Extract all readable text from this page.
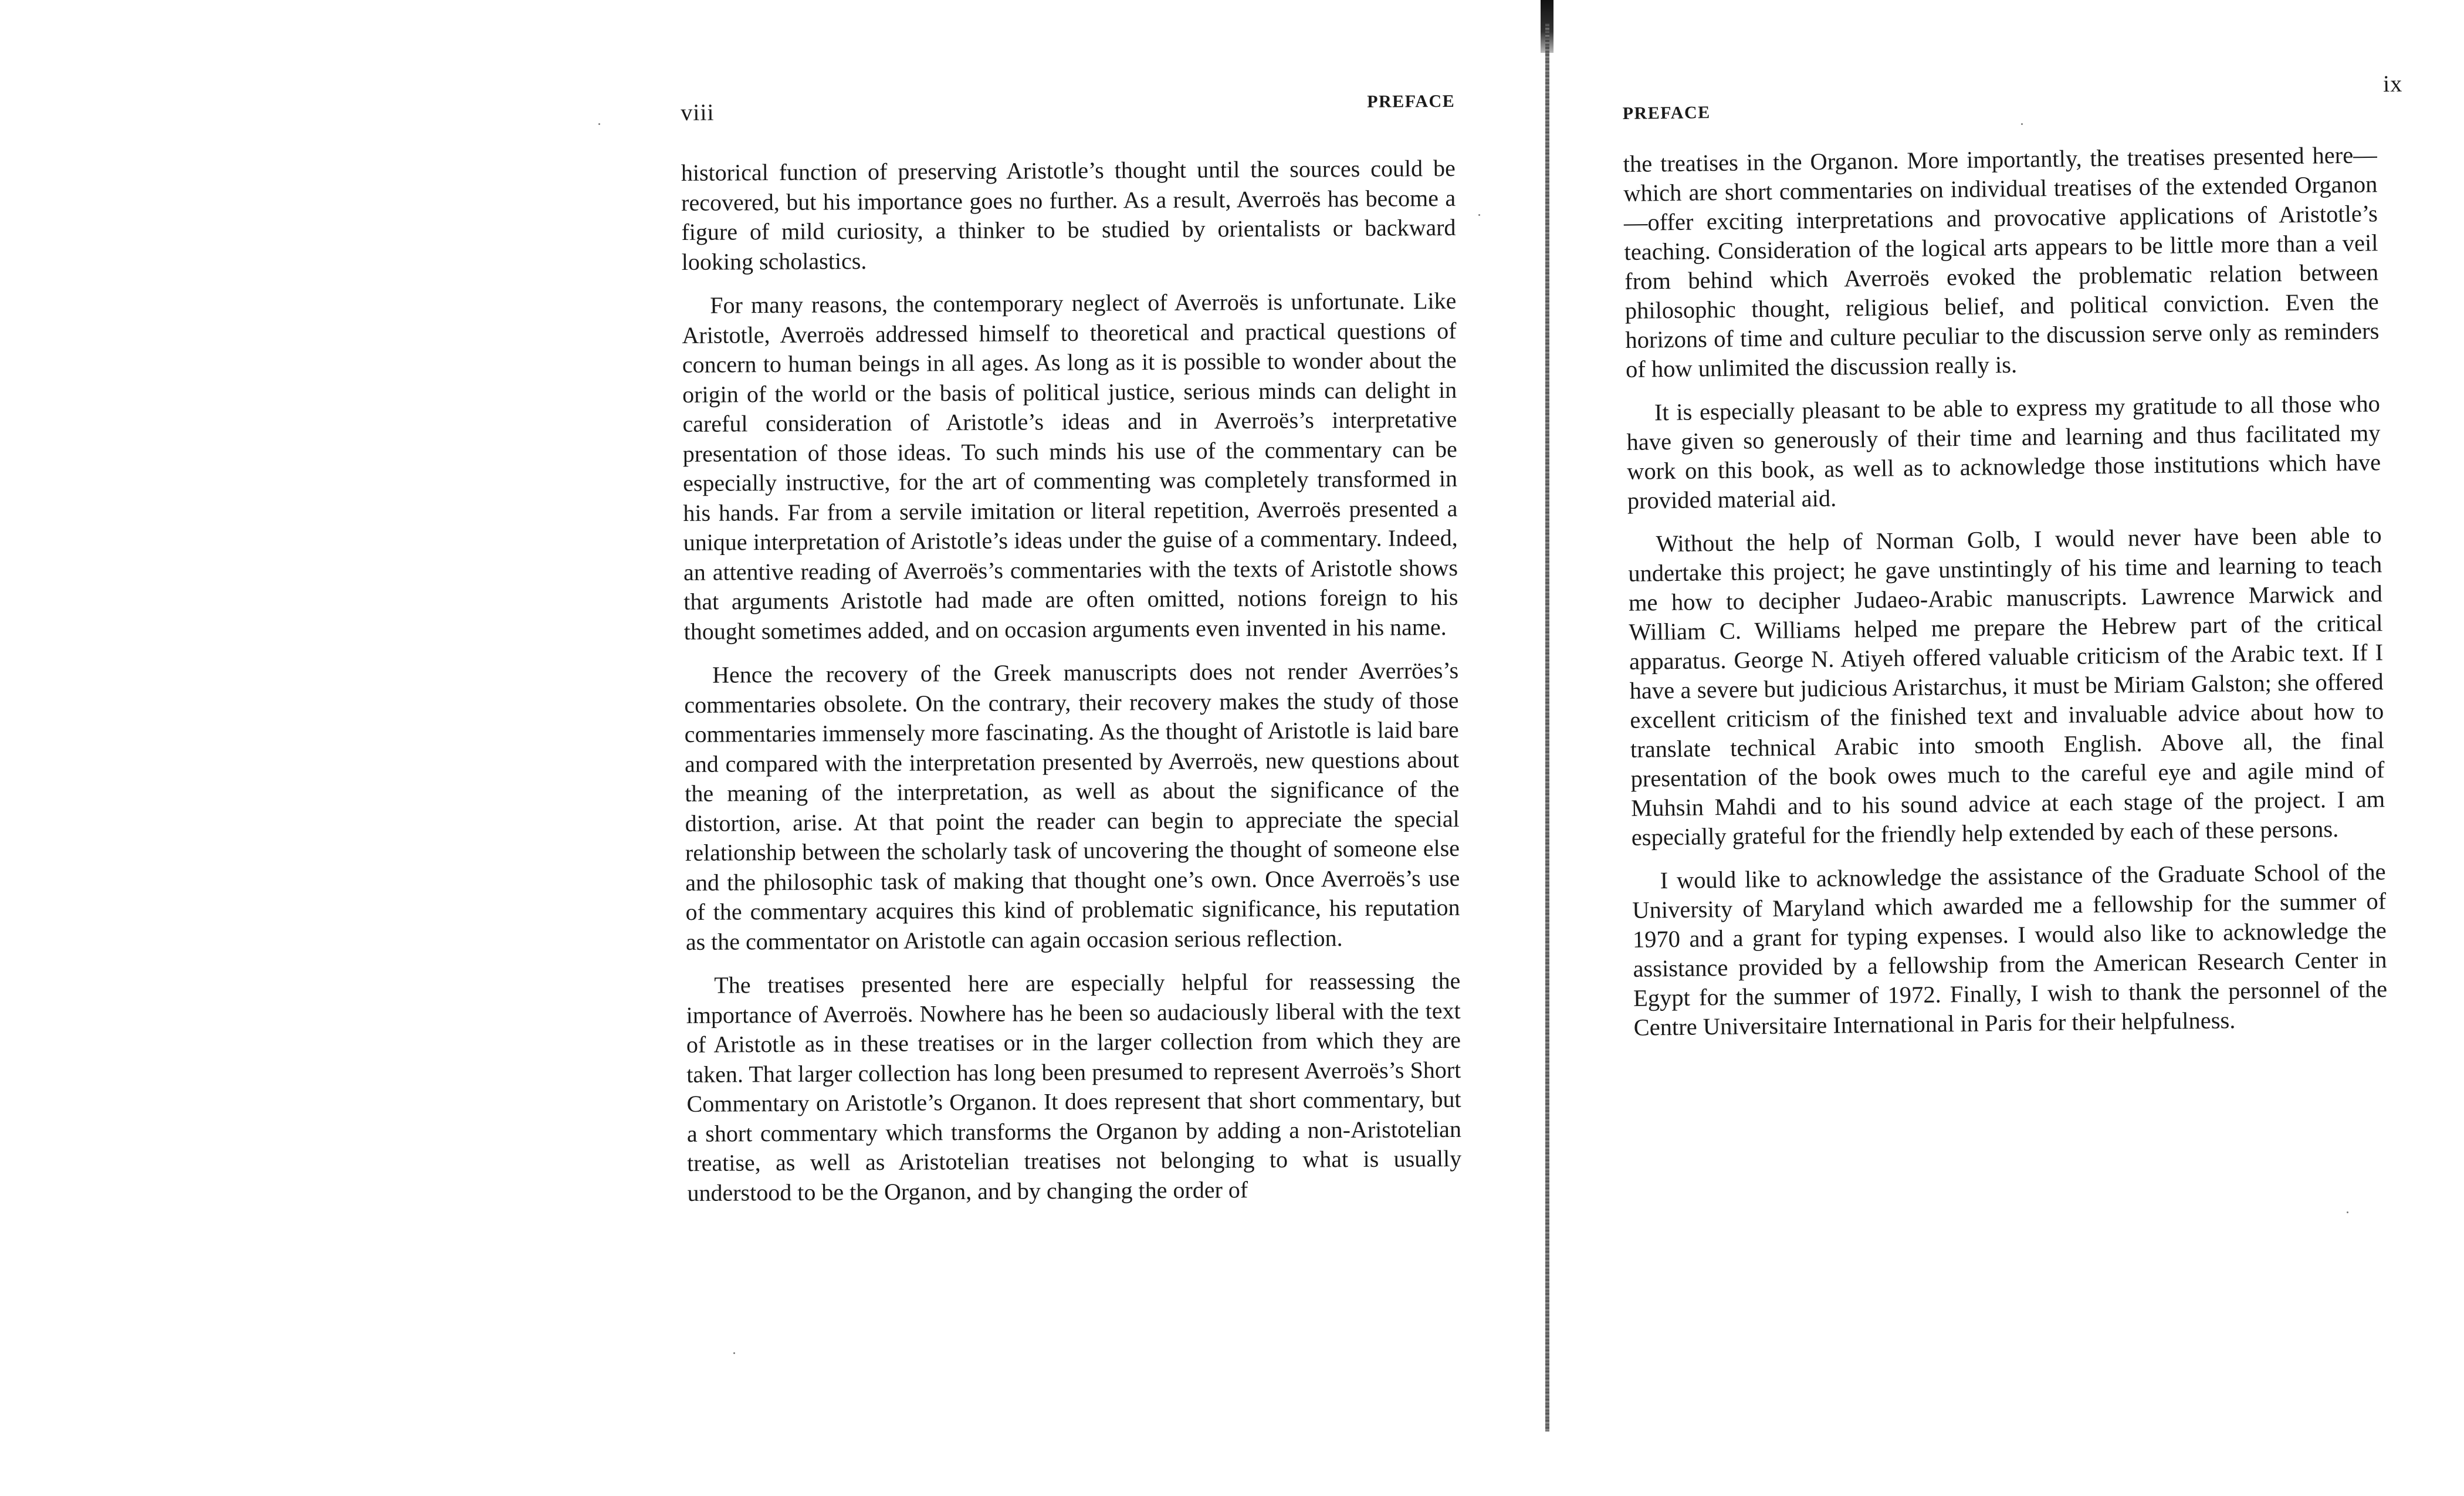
viii	PREFACE

historical function of preserving Aristotle’s thought until the sources could be recovered, but his importance goes no further. As a result, Averroës has become a figure of mild curiosity, a thinker to be studied by orientalists or backward looking scholastics.

For many reasons, the contemporary neglect of Averroës is unfortunate. Like Aristotle, Averroës addressed himself to theoretical and practical questions of concern to human beings in all ages. As long as it is possible to wonder about the origin of the world or the basis of political justice, serious minds can delight in careful consideration of Aristotle’s ideas and in Averroës’s interpretative presentation of those ideas. To such minds his use of the commentary can be especially instructive, for the art of commenting was completely transformed in his hands. Far from a servile imitation or literal repetition, Averroës presented a unique interpretation of Aristotle’s ideas under the guise of a commentary. Indeed, an attentive reading of Averroës’s commentaries with the texts of Aristotle shows that arguments Aristotle had made are often omitted, notions foreign to his thought sometimes added, and on occasion arguments even invented in his name.

Hence the recovery of the Greek manuscripts does not render Averröes’s commentaries obsolete. On the contrary, their recovery makes the study of those commentaries immensely more fascinating. As the thought of Aristotle is laid bare and compared with the interpretation presented by Averroës, new questions about the meaning of the interpretation, as well as about the significance of the distortion, arise. At that point the reader can begin to appreciate the special relationship between the scholarly task of uncovering the thought of someone else and the philosophic task of making that thought one’s own. Once Averroës’s use of the commentary acquires this kind of problematic significance, his reputation as the commentator on Aristotle can again occasion serious reflection.

The treatises presented here are especially helpful for reassessing the importance of Averroës. Nowhere has he been so audaciously liberal with the text of Aristotle as in these treatises or in the larger collection from which they are taken. That larger collection has long been presumed to represent Averroës’s Short Commentary on Aristotle’s Organon. It does represent that short commentary, but a short commentary which transforms the Organon by adding a non-Aristotelian treatise, as well as Aristotelian treatises not belonging to what is usually understood to be the Organon, and by changing the order of

PREFACE
ix

the treatises in the Organon. More importantly, the treatises presented here—which are short commentaries on individual treatises of the extended Organon—offer exciting interpretations and provocative applications of Aristotle’s teaching. Consideration of the logical arts appears to be little more than a veil from behind which Averroës evoked the problematic relation between philosophic thought, religious belief, and political conviction. Even the horizons of time and culture peculiar to the discussion serve only as reminders of how unlimited the discussion really is.

It is especially pleasant to be able to express my gratitude to all those who have given so generously of their time and learning and thus facilitated my work on this book, as well as to acknowledge those institutions which have provided material aid.

Without the help of Norman Golb, I would never have been able to undertake this project; he gave unstintingly of his time and learning to teach me how to decipher Judaeo-Arabic manuscripts. Lawrence Marwick and William C. Williams helped me prepare the Hebrew part of the critical apparatus. George N. Atiyeh offered valuable criticism of the Arabic text. If I have a severe but judicious Aristarchus, it must be Miriam Galston; she offered excellent criticism of the finished text and invaluable advice about how to translate technical Arabic into smooth English. Above all, the final presentation of the book owes much to the careful eye and agile mind of Muhsin Mahdi and to his sound advice at each stage of the project. I am especially grateful for the friendly help extended by each of these persons.

I would like to acknowledge the assistance of the Graduate School of the University of Maryland which awarded me a fellowship for the summer of 1970 and a grant for typing expenses. I would also like to acknowledge the assistance provided by a fellowship from the American Research Center in Egypt for the summer of 1972. Finally, I wish to thank the personnel of the Centre Universitaire International in Paris for their helpfulness.
